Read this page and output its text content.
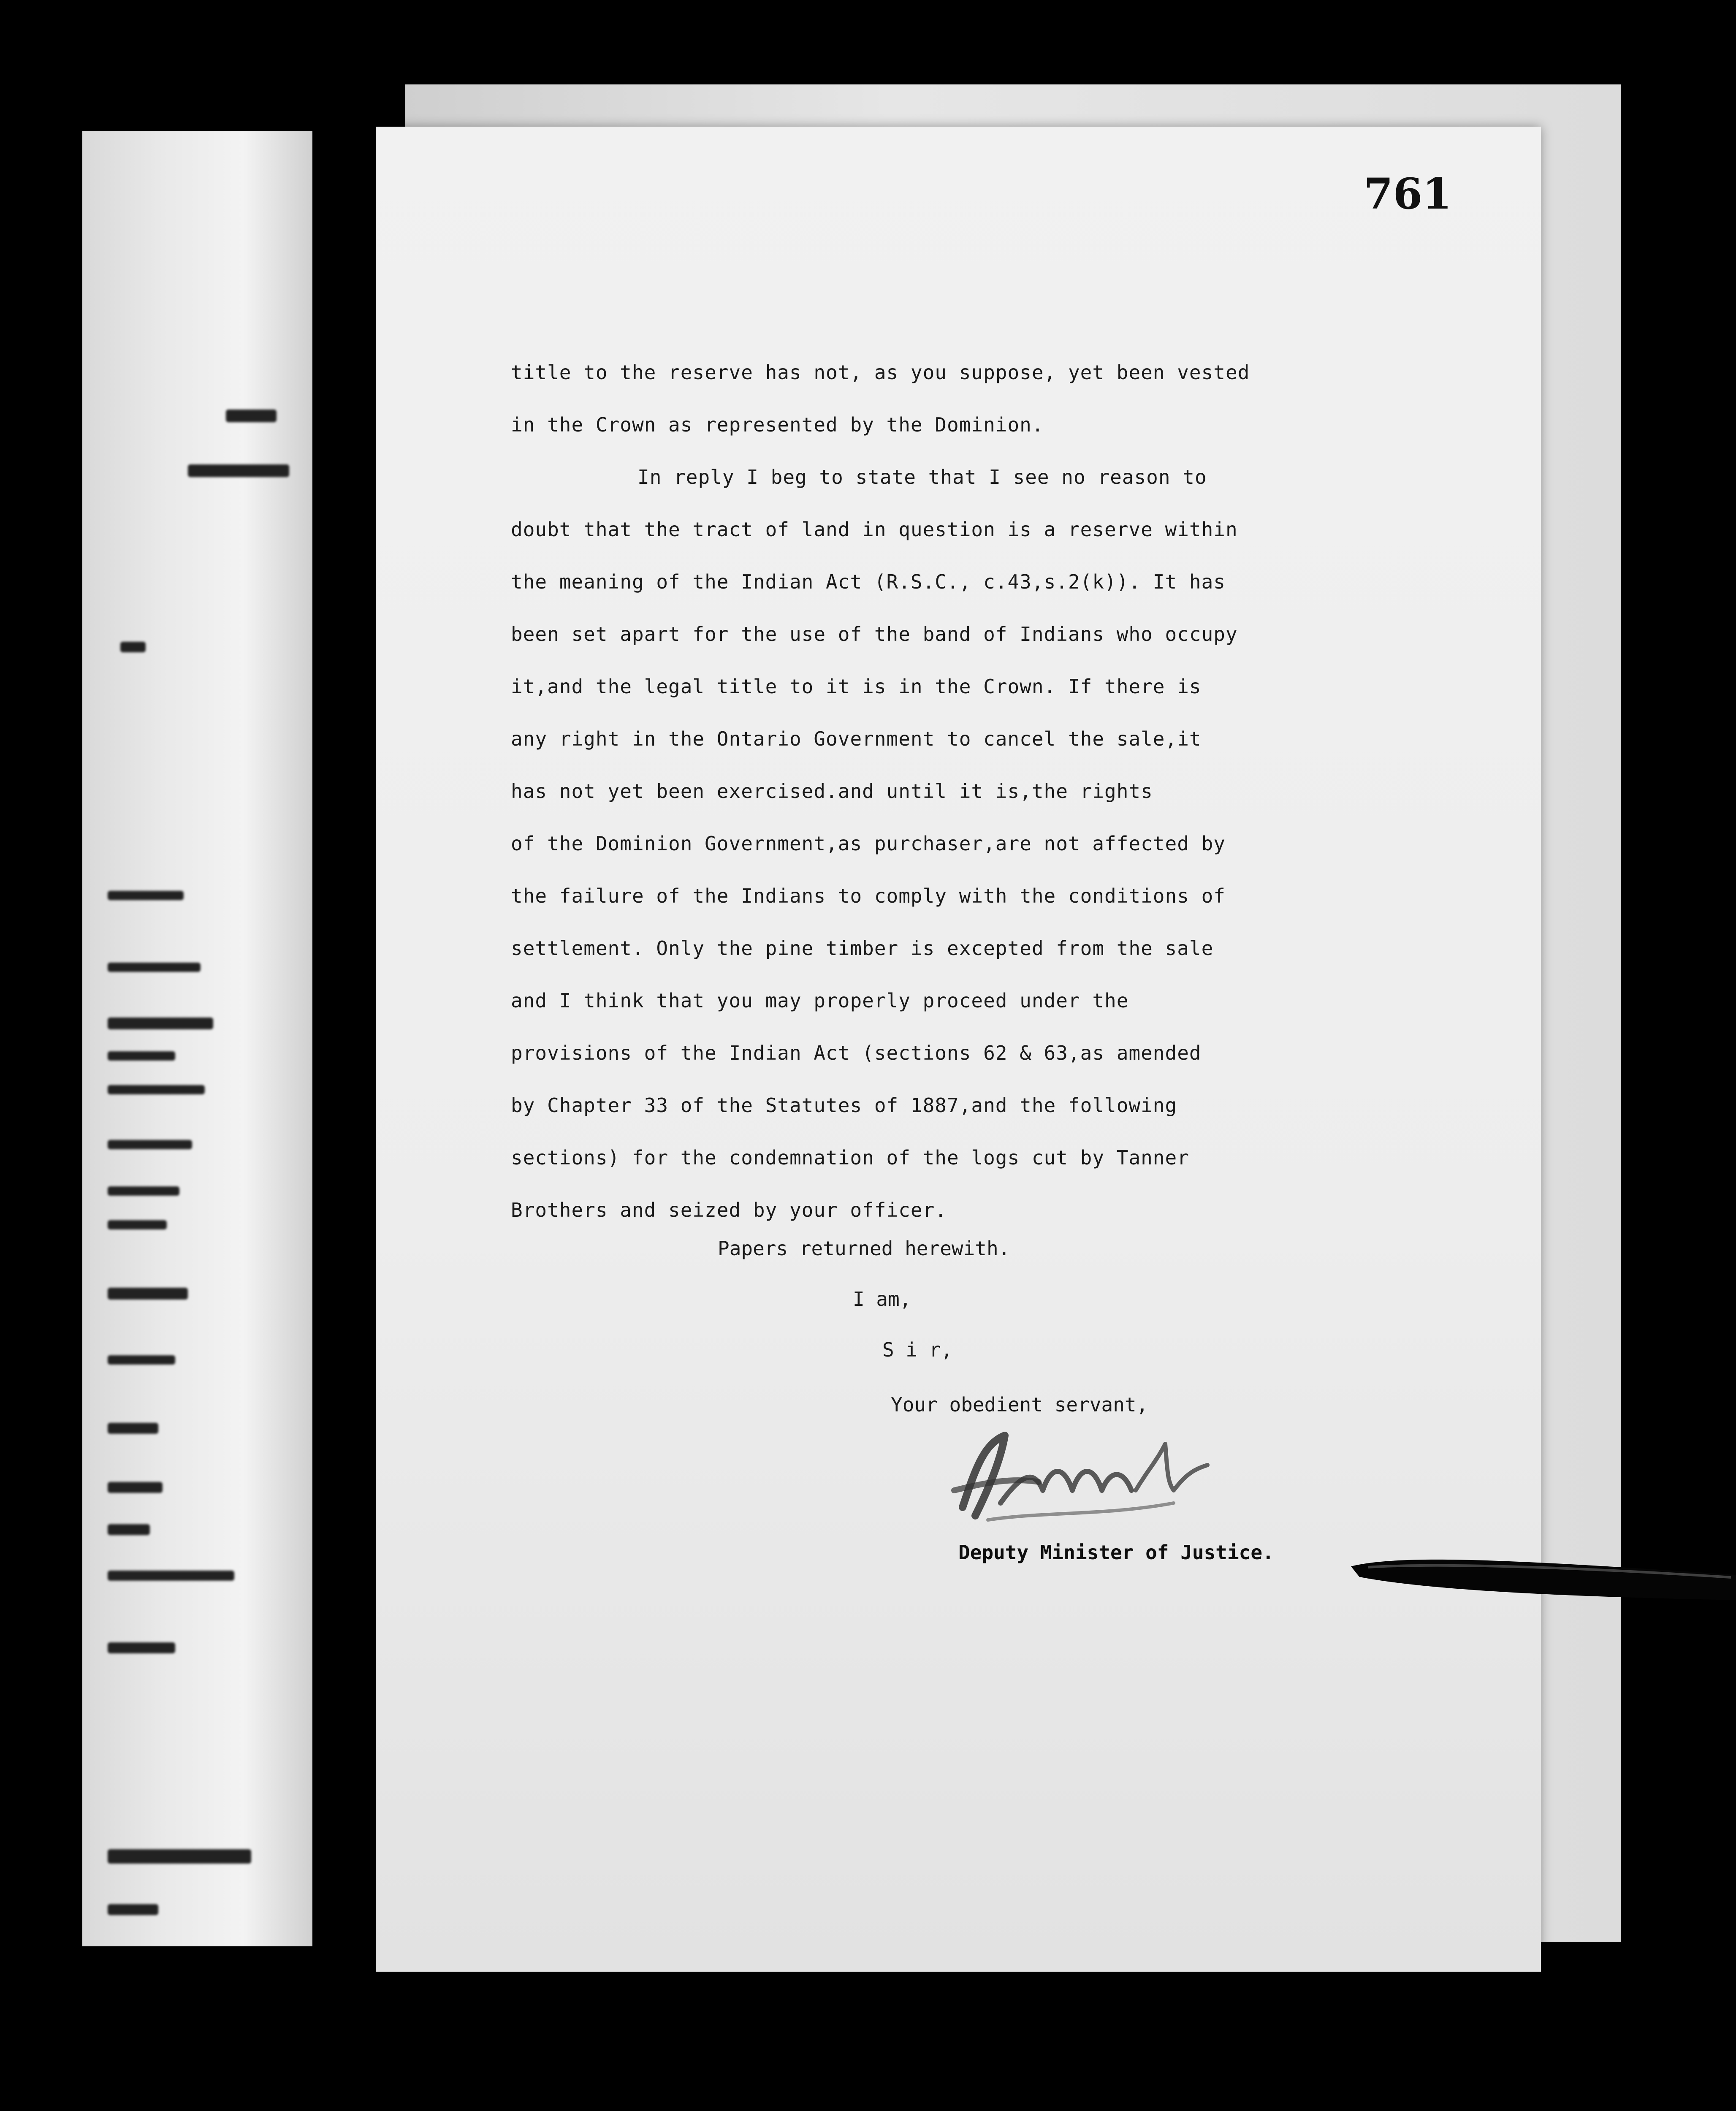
761
title to the reserve has not, as you suppose, yet been vested
in the Crown as represented by the Dominion.
In reply I beg to state that I see no reason to
doubt that the tract of land in question is a reserve within
the meaning of the Indian Act (R.S.C., c.43,s.2(k)). It has
been set apart for the use of the band of Indians who occupy
it,and the legal title to it is in the Crown. If there is
any right in the Ontario Government to cancel the sale,it
has not yet been exercised.and until it is,the rights
of the Dominion Government,as purchaser,are not affected by
the failure of the Indians to comply with the conditions of
settlement. Only the pine timber is excepted from the sale
and I think that you may properly proceed under the
provisions of the Indian Act (sections 62 & 63,as amended
by Chapter 33 of the Statutes of 1887,and the following
sections) for the condemnation of the logs cut by Tanner
Brothers and seized by your officer.
Papers returned herewith.
I am,
S i r,
Your obedient servant,
Deputy Minister of Justice.
